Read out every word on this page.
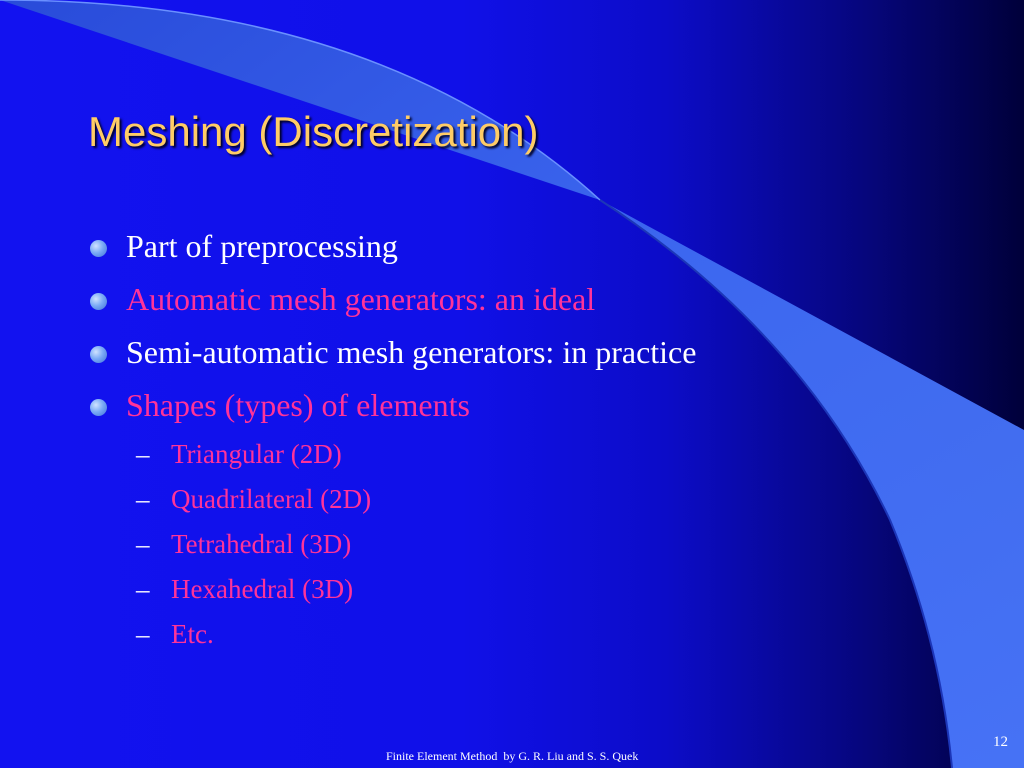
Meshing (Discretization)
Part of preprocessing
Automatic mesh generators: an ideal
Semi-automatic mesh generators: in practice
Shapes (types) of elements
– Triangular (2D)
– Quadrilateral (2D)
– Tetrahedral (3D)
– Hexahedral (3D)
– Etc.
Finite Element Method  by G. R. Liu and S. S. Quek
12
